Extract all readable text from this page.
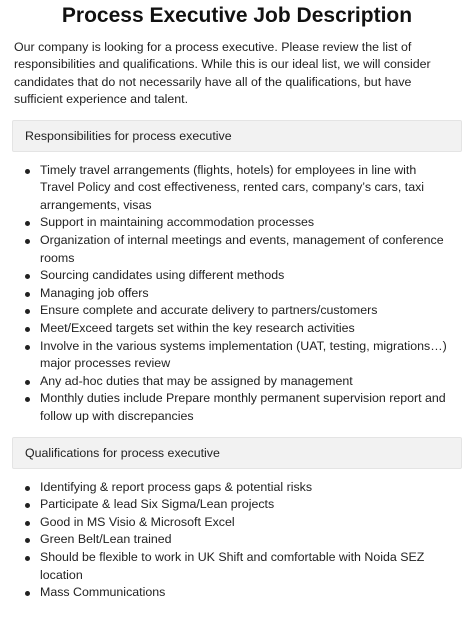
Process Executive Job Description

Our company is looking for a process executive. Please review the list of responsibilities and qualifications. While this is our ideal list, we will consider candidates that do not necessarily have all of the qualifications, but have sufficient experience and talent.

Responsibilities for process executive
Timely travel arrangements (flights, hotels) for employees in line with Travel Policy and cost effectiveness, rented cars, company’s cars, taxi arrangements, visas
Support in maintaining accommodation processes
Organization of internal meetings and events, management of conference rooms
Sourcing candidates using different methods
Managing job offers
Ensure complete and accurate delivery to partners/customers
Meet/Exceed targets set within the key research activities
Involve in the various systems implementation (UAT, testing, migrations…) major processes review
Any ad-hoc duties that may be assigned by management
Monthly duties include Prepare monthly permanent supervision report and follow up with discrepancies
Qualifications for process executive
Identifying & report process gaps & potential risks
Participate & lead Six Sigma/Lean projects
Good in MS Visio & Microsoft Excel
Green Belt/Lean trained
Should be flexible to work in UK Shift and comfortable with Noida SEZ location
Mass Communications
